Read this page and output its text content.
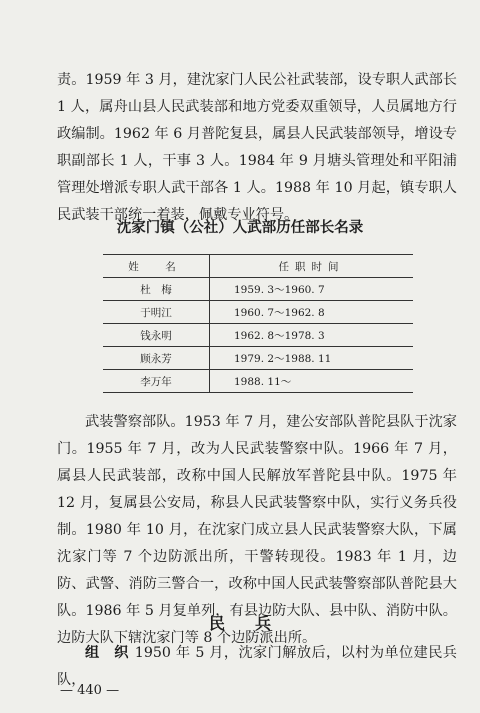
责。1959 年 3 月，建沈家门人民公社武装部，设专职人武部长 1 人，属舟山县人民武装部和地方党委双重领导，人员属地方行政编制。1962 年 6 月普陀复县，属县人民武装部领导，增设专职副部长 1 人，干事 3 人。1984 年 9 月塘头管理处和平阳浦管理处增派专职人武干部各 1 人。1988 年 10 月起，镇专职人民武装干部统一着装，佩戴专业符号。

沈家门镇（公社）人武部历任部长名录
姓　名	任职时间
杜　梅	1959. 3～1960. 7
于明江	1960. 7～1962. 8
钱永明	1962. 8～1978. 3
顾永芳	1979. 2～1988. 11
李万年	1988. 11～

武装警察部队。1953 年 7 月，建公安部队普陀县队于沈家门。1955 年 7 月，改为人民武装警察中队。1966 年 7 月，属县人民武装部，改称中国人民解放军普陀县中队。1975 年 12 月，复属县公安局，称县人民武装警察中队，实行义务兵役制。1980 年 10 月，在沈家门成立县人民武装警察大队，下属沈家门等 7 个边防派出所，干警转现役。1983 年 1 月，边防、武警、消防三警合一，改称中国人民武装警察部队普陀县大队。1986 年 5 月复单列，有县边防大队、县中队、消防中队。边防大队下辖沈家门等 8 个边防派出所。

民兵

组　织 1950 年 5 月，沈家门解放后，以村为单位建民兵队，

— 440 —
